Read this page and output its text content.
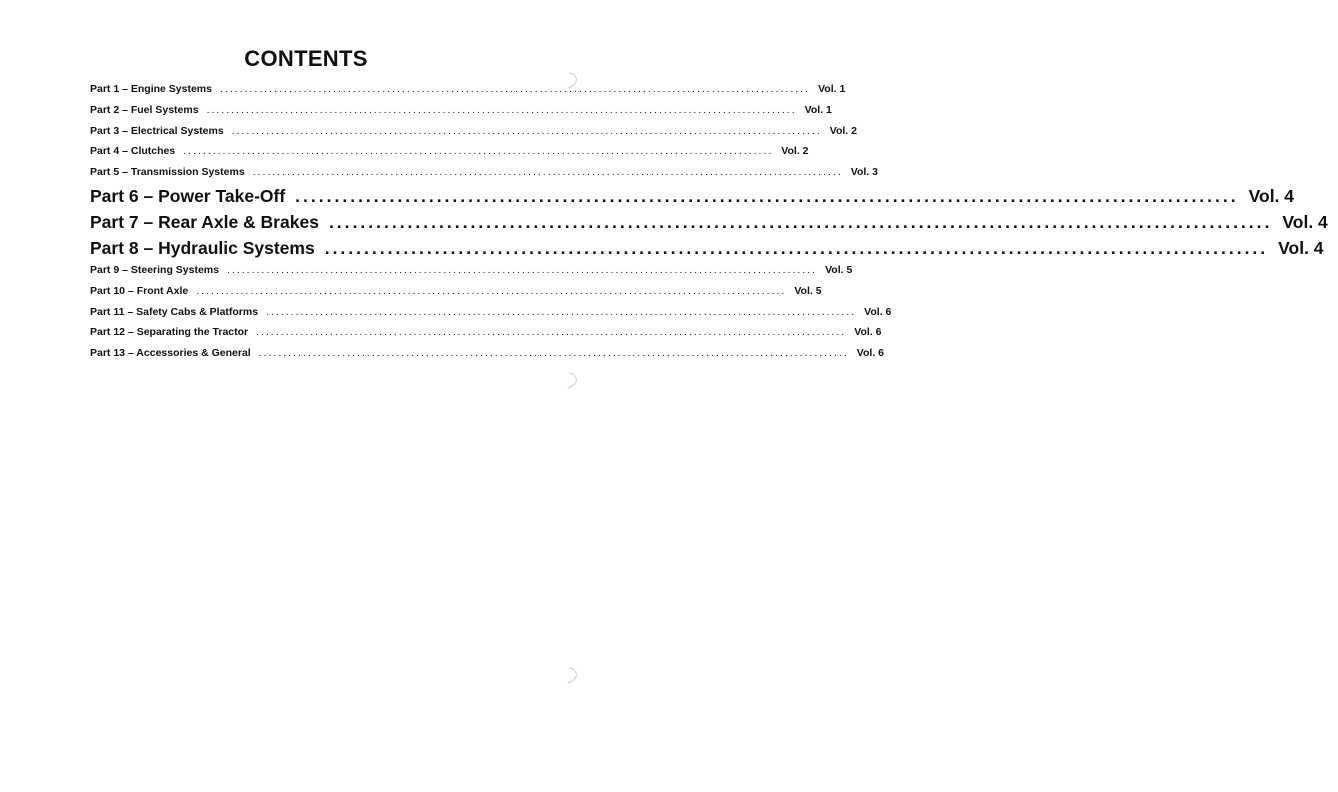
CONTENTS
Part 1 – Engine Systems ........................................................................................................................ Vol. 1
Part 2 – Fuel Systems ........................................................................................................................ Vol. 1
Part 3 – Electrical Systems ........................................................................................................................ Vol. 2
Part 4 – Clutches ........................................................................................................................ Vol. 2
Part 5 – Transmission Systems ........................................................................................................................ Vol. 3
Part 6 – Power Take-Off ........................................................................................................................ Vol. 4
Part 7 – Rear Axle & Brakes ........................................................................................................................ Vol. 4
Part 8 – Hydraulic Systems ........................................................................................................................ Vol. 4
Part 9 – Steering Systems ........................................................................................................................ Vol. 5
Part 10 – Front Axle ........................................................................................................................ Vol. 5
Part 11 – Safety Cabs & Platforms ........................................................................................................................ Vol. 6
Part 12 – Separating the Tractor ........................................................................................................................ Vol. 6
Part 13 – Accessories & General ........................................................................................................................ Vol. 6
